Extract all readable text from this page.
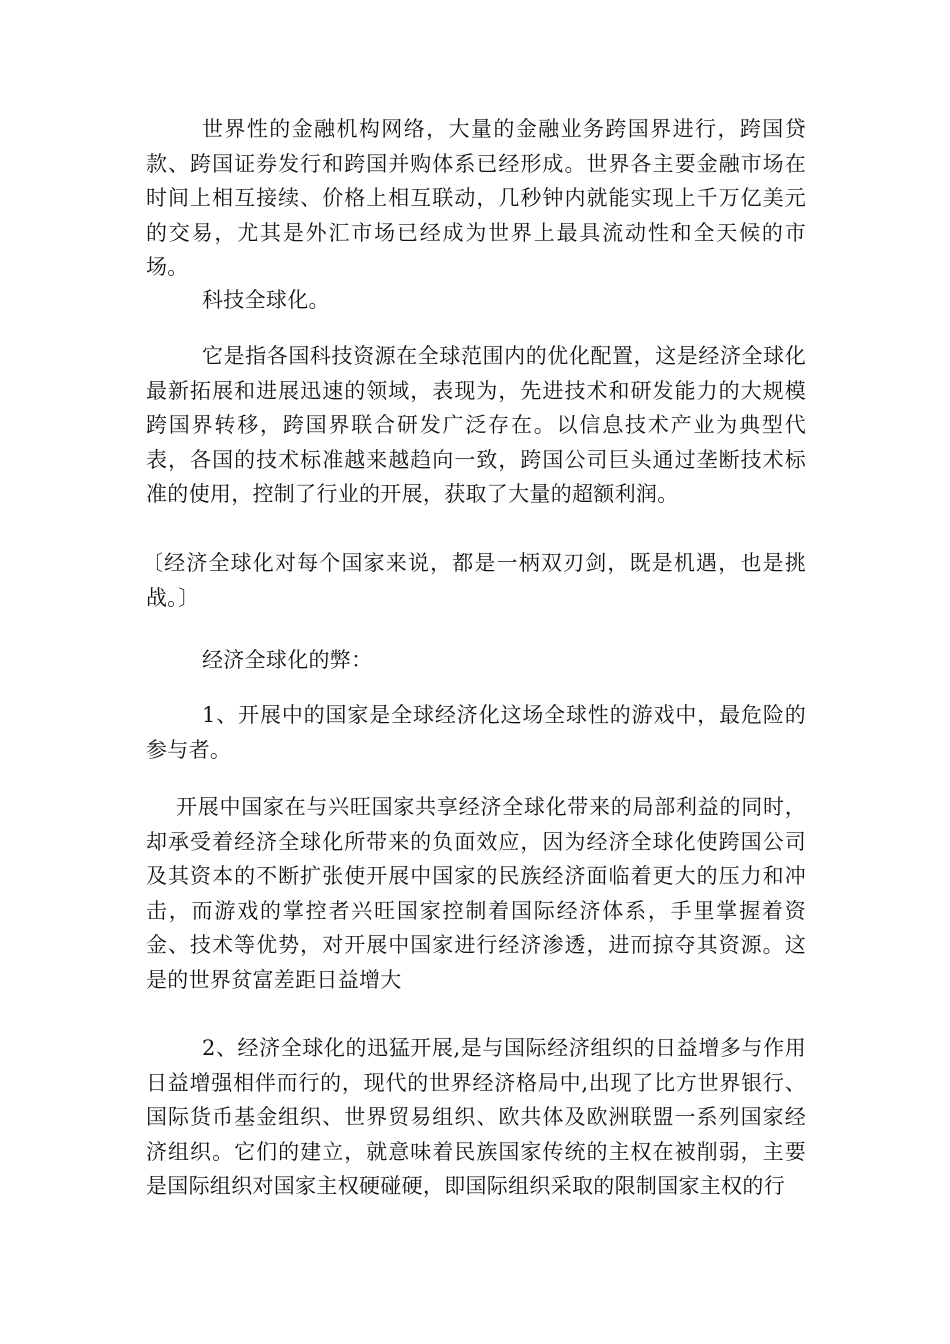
世界性的金融机构网络，大量的金融业务跨国界进行，跨国贷款、跨国证券发行和跨国并购体系已经形成。世界各主要金融市场在时间上相互接续、价格上相互联动，几秒钟内就能实现上千万亿美元的交易，尤其是外汇市场已经成为世界上最具流动性和全天候的市场。

科技全球化。

它是指各国科技资源在全球范围内的优化配置，这是经济全球化最新拓展和进展迅速的领域，表现为，先进技术和研发能力的大规模跨国界转移，跨国界联合研发广泛存在。以信息技术产业为典型代表，各国的技术标准越来越趋向一致，跨国公司巨头通过垄断技术标准的使用，控制了行业的开展，获取了大量的超额利润。

〔经济全球化对每个国家来说，都是一柄双刃剑，既是机遇，也是挑战。〕

经济全球化的弊：

1、开展中的国家是全球经济化这场全球性的游戏中，最危险的参与者。

开展中国家在与兴旺国家共享经济全球化带来的局部利益的同时，却承受着经济全球化所带来的负面效应，因为经济全球化使跨国公司及其资本的不断扩张使开展中国家的民族经济面临着更大的压力和冲击，而游戏的掌控者兴旺国家控制着国际经济体系，手里掌握着资金、技术等优势，对开展中国家进行经济渗透，进而掠夺其资源。这是的世界贫富差距日益增大

2、经济全球化的迅猛开展,是与国际经济组织的日益增多与作用日益增强相伴而行的，现代的世界经济格局中,出现了比方世界银行、国际货币基金组织、世界贸易组织、欧共体及欧洲联盟一系列国家经济组织。它们的建立，就意味着民族国家传统的主权在被削弱，主要是国际组织对国家主权硬碰硬，即国际组织采取的限制国家主权的行
